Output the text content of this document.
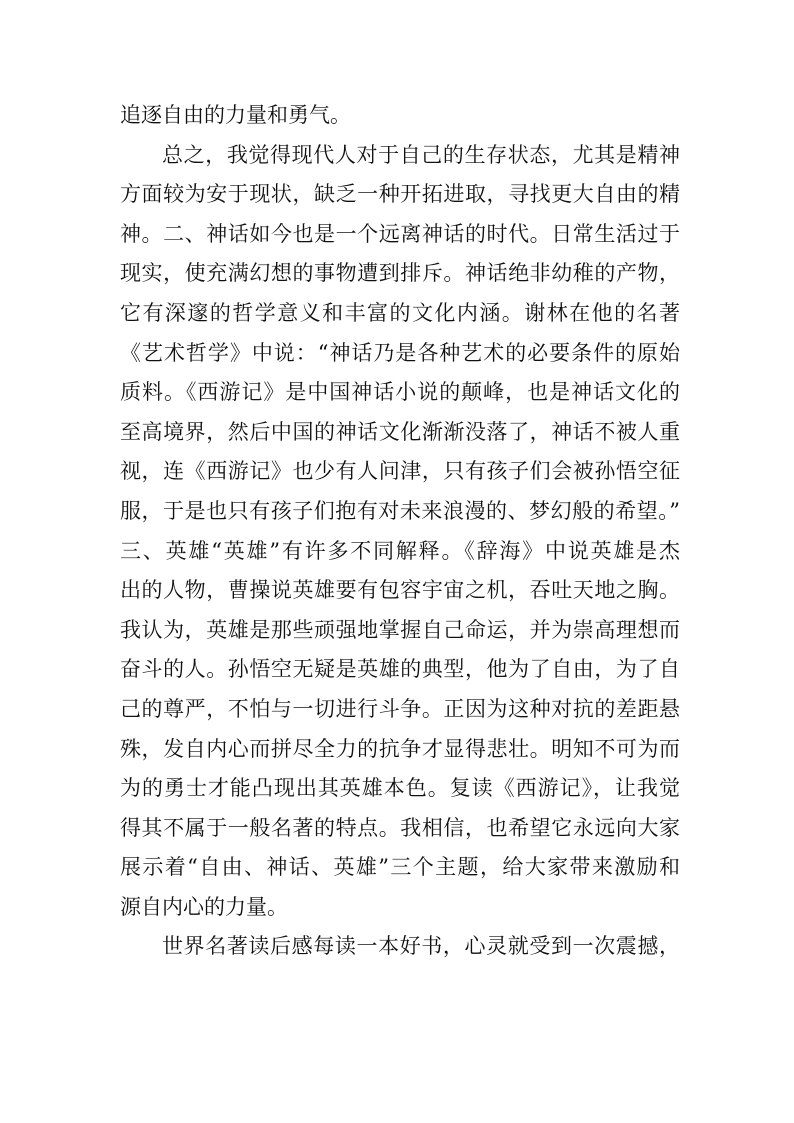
追逐自由的力量和勇气。
总之，我觉得现代人对于自己的生存状态，尤其是精神
方面较为安于现状，缺乏一种开拓进取，寻找更大自由的精
神。二、神话如今也是一个远离神话的时代。日常生活过于
现实，使充满幻想的事物遭到排斥。神话绝非幼稚的产物，
它有深邃的哲学意义和丰富的文化内涵。谢林在他的名著
《艺术哲学》中说：“神话乃是各种艺术的必要条件的原始
质料。《西游记》是中国神话小说的颠峰，也是神话文化的
至高境界，然后中国的神话文化渐渐没落了，神话不被人重
视，连《西游记》也少有人问津，只有孩子们会被孙悟空征
服，于是也只有孩子们抱有对未来浪漫的、梦幻般的希望。”
三、英雄“英雄”有许多不同解释。《辞海》中说英雄是杰
出的人物，曹操说英雄要有包容宇宙之机，吞吐天地之胸。
我认为，英雄是那些顽强地掌握自己命运，并为崇高理想而
奋斗的人。孙悟空无疑是英雄的典型，他为了自由，为了自
己的尊严，不怕与一切进行斗争。正因为这种对抗的差距悬
殊，发自内心而拼尽全力的抗争才显得悲壮。明知不可为而
为的勇士才能凸现出其英雄本色。复读《西游记》，让我觉
得其不属于一般名著的特点。我相信，也希望它永远向大家
展示着“自由、神话、英雄”三个主题，给大家带来激励和
源自内心的力量。
世界名著读后感每读一本好书，心灵就受到一次震撼，
